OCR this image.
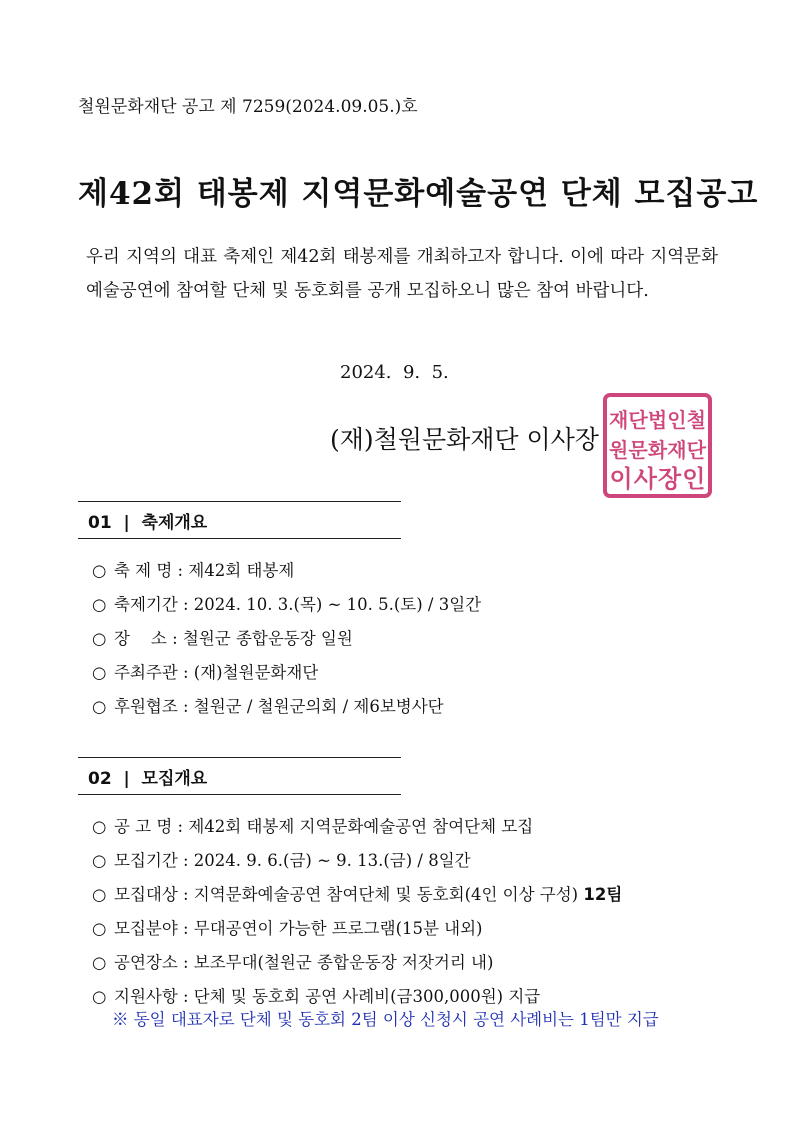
철원문화재단 공고 제 7259(2024.09.05.)호
제42회 태봉제 지역문화예술공연 단체 모집공고
우리 지역의 대표 축제인 제42회 태봉제를 개최하고자 합니다. 이에 따라 지역문화예술공연에 참여할 단체 및 동호회를 공개 모집하오니 많은 참여 바랍니다.
2024.  9.  5.
(재)철원문화재단 이사장
재 단 법 인 철
원 문 화 재 단
이 사 장 인
01  |  축제개요
○ 축 제 명 : 제42회 태봉제
○ 축제기간 : 2024. 10. 3.(목) ~ 10. 5.(토) / 3일간
○ 장    소 : 철원군 종합운동장 일원
○ 주최주관 : (재)철원문화재단
○ 후원협조 : 철원군 / 철원군의회 / 제6보병사단
02  |  모집개요
○ 공 고 명 : 제42회 태봉제 지역문화예술공연 참여단체 모집
○ 모집기간 : 2024. 9. 6.(금) ~ 9. 13.(금) / 8일간
○ 모집대상 : 지역문화예술공연 참여단체 및 동호회(4인 이상 구성) 12팀
○ 모집분야 : 무대공연이 가능한 프로그램(15분 내외)
○ 공연장소 : 보조무대(철원군 종합운동장 저잣거리 내)
○ 지원사항 : 단체 및 동호회 공연 사례비(금300,000원) 지급
※ 동일 대표자로 단체 및 동호회 2팀 이상 신청시 공연 사례비는 1팀만 지급
